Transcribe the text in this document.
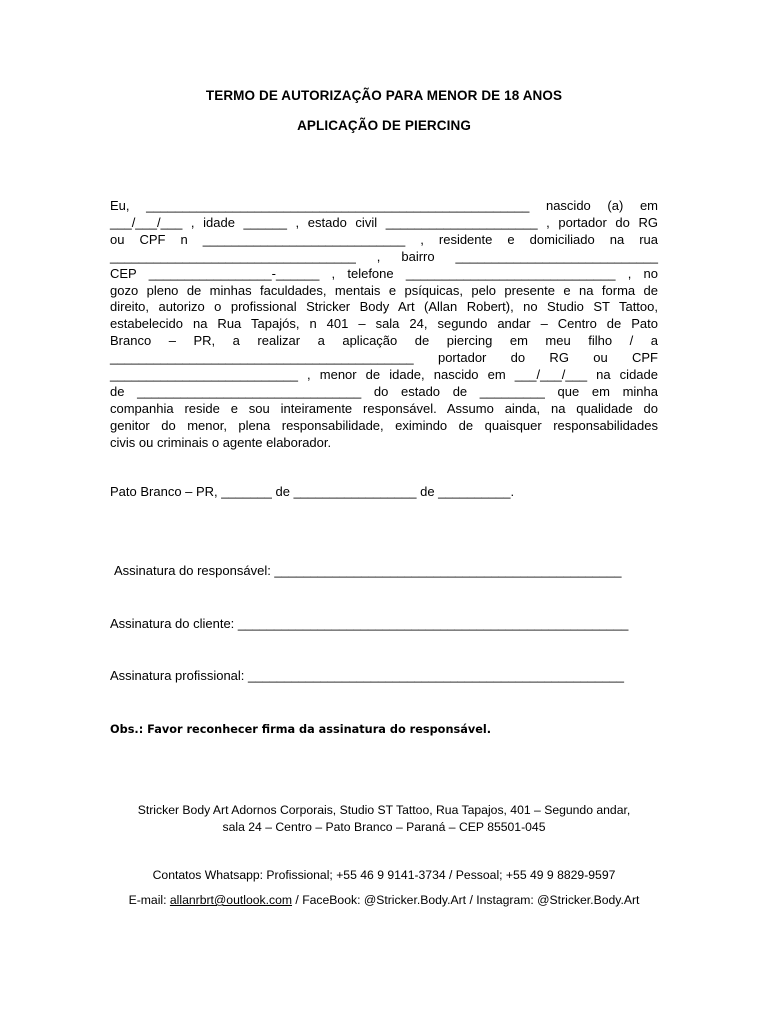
TERMO DE AUTORIZAÇÃO PARA MENOR DE 18 ANOS
APLICAÇÃO DE PIERCING
Eu, _____________________________________________________ nascido (a) em
___/___/___ , idade ______ , estado civil _____________________ , portador do RG
ou CPF n ____________________________ , residente e domiciliado na rua
__________________________________ , bairro ____________________________
CEP _________________-______ , telefone _____________________________ , no
gozo pleno de minhas faculdades, mentais e psíquicas, pelo presente e na forma de
direito, autorizo o profissional Stricker Body Art (Allan Robert), no Studio ST Tattoo,
estabelecido na Rua Tapajós, n 401 – sala 24, segundo andar – Centro de Pato
Branco – PR, a realizar a aplicação de piercing em meu filho / a
__________________________________________ portador do RG ou CPF
__________________________ , menor de idade, nascido em ___/___/___ na cidade
de _______________________________ do estado de _________ que em minha
companhia reside e sou inteiramente responsável. Assumo ainda, na qualidade do
genitor do menor, plena responsabilidade, eximindo de quaisquer responsabilidades
civis ou criminais o agente elaborador.
Pato Branco – PR, _______ de _________________ de __________.
Assinatura do responsável: ________________________________________________
Assinatura do cliente: ______________________________________________________
Assinatura profissional: ____________________________________________________
Obs.: Favor reconhecer firma da assinatura do responsável.
Stricker Body Art Adornos Corporais, Studio ST Tattoo, Rua Tapajos, 401 – Segundo andar,
sala 24 – Centro – Pato Branco – Paraná – CEP 85501-045
Contatos Whatsapp: Profissional; +55 46 9 9141-3734 / Pessoal; +55 49 9 8829-9597
E-mail: allanrbrt@outlook.com / FaceBook: @Stricker.Body.Art / Instagram: @Stricker.Body.Art
